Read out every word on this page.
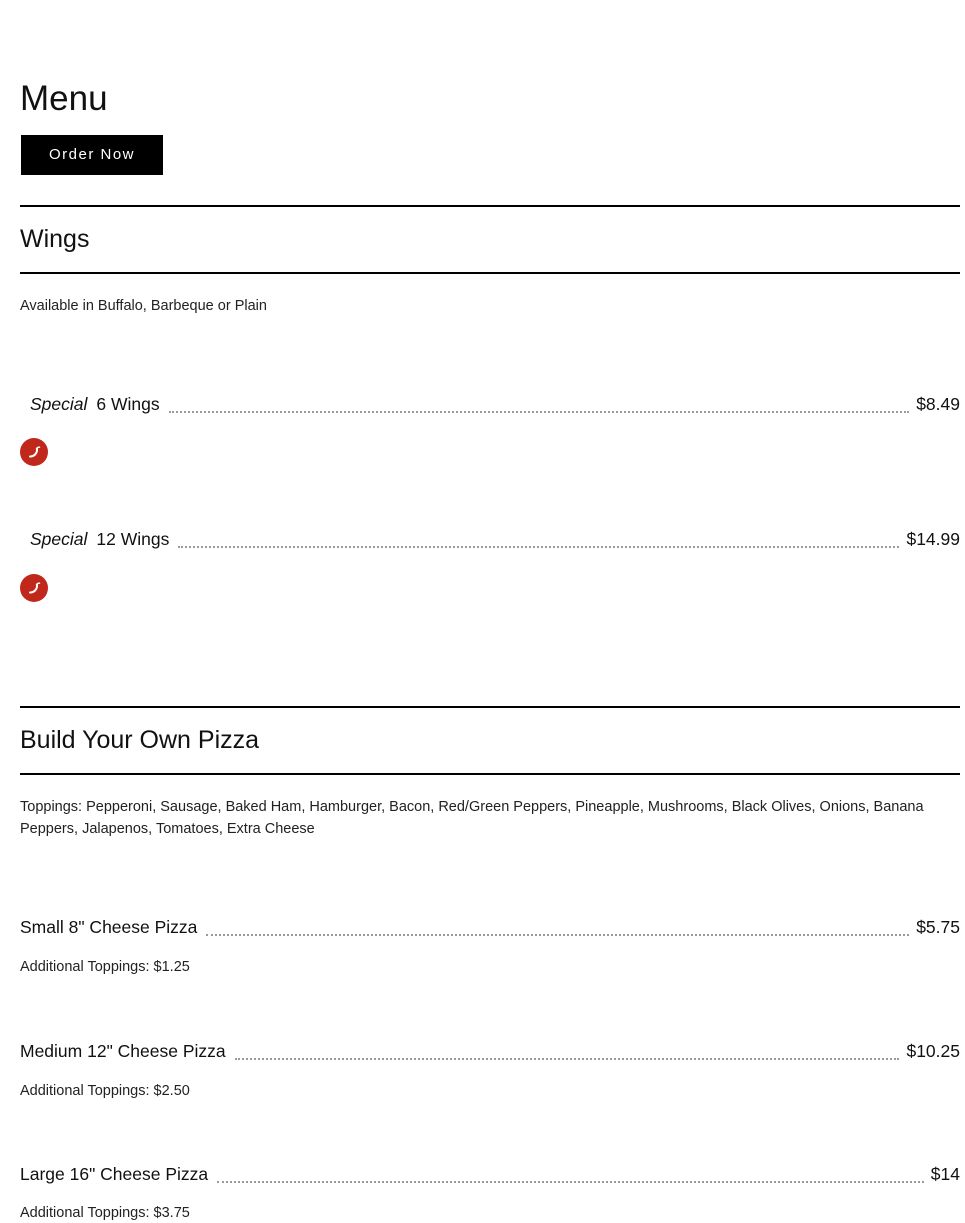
Menu
Order Now
Wings

Available in Buffalo, Barbeque or Plain

Special 6 Wings	$8.49
Special 12 Wings	$14.99
Build Your Own Pizza

Toppings: Pepperoni, Sausage, Baked Ham, Hamburger, Bacon, Red/Green Peppers, Pineapple, Mushrooms, Black Olives, Onions, Banana Peppers, Jalapenos, Tomatoes, Extra Cheese

Small 8" Cheese Pizza	$5.75

Additional Toppings: $1.25

Medium 12" Cheese Pizza	$10.25

Additional Toppings: $2.50

Large 16" Cheese Pizza	$14

Additional Toppings: $3.75
